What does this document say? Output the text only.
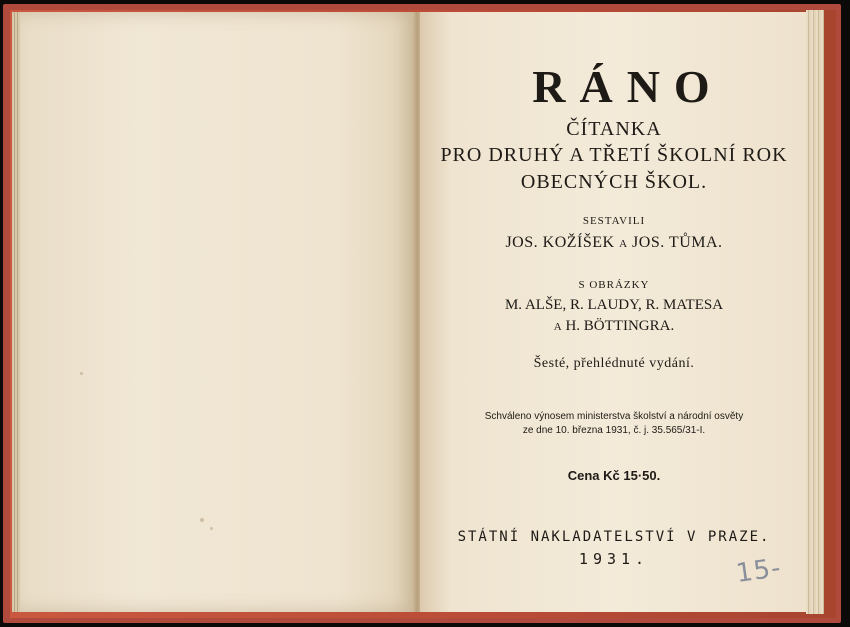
RÁNO
ČÍTANKA
PRO DRUHÝ A TŘETÍ ŠKOLNÍ ROK
OBECNÝCH ŠKOL.
SESTAVILI
JOS. KOŽÍŠEK A JOS. TŮMA.
S OBRÁZKY
M. ALŠE, R. LAUDY, R. MATESA
A H. BÖTTINGRA.
Šesté, přehlédnuté vydání.
Schváleno výnosem ministerstva školství a národní osvěty
ze dne 10. března 1931, č. j. 35.565/31-I.
Cena Kč 15·50.
STÁTNÍ NAKLADATELSTVÍ V PRAZE.
1931.	15-
